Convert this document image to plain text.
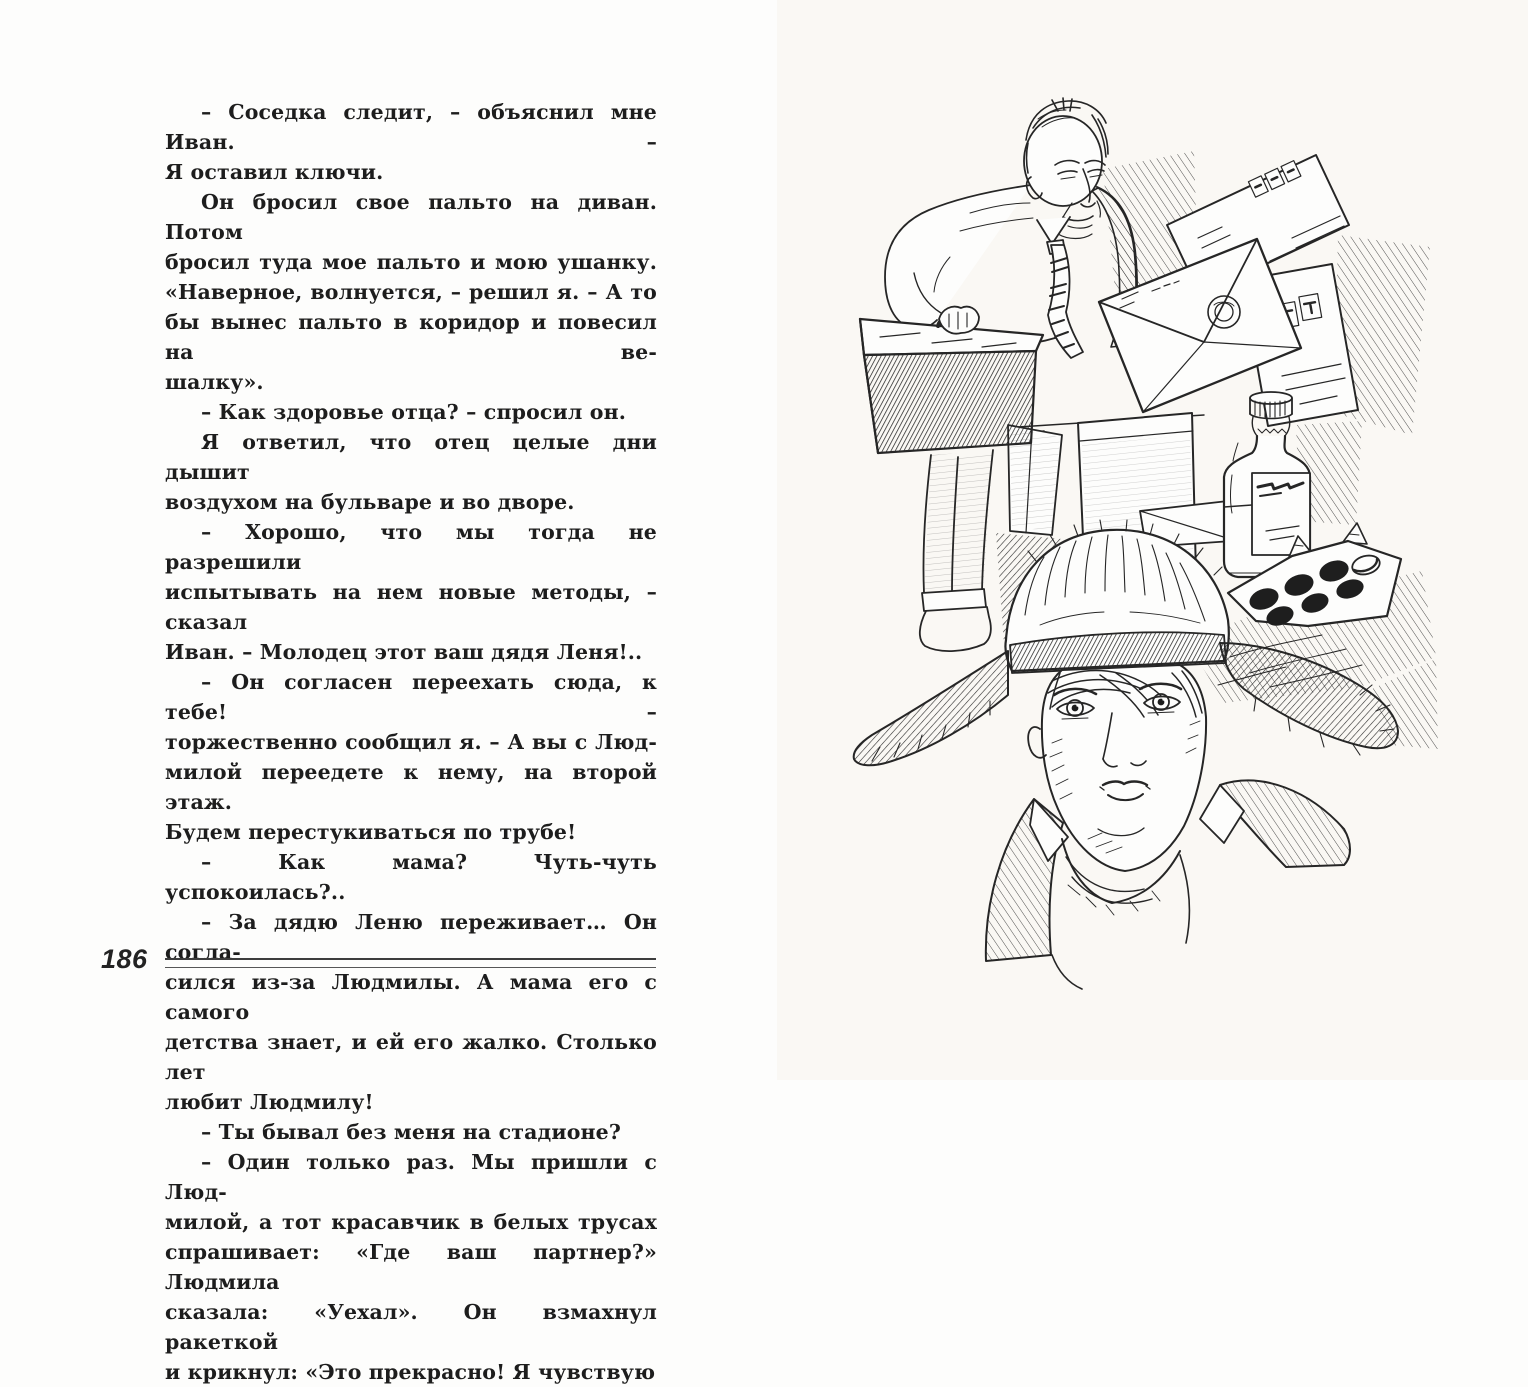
– Соседка следит, – объяснил мне Иван. –
Я оставил ключи.
Он бросил свое пальто на диван. Потом
бросил туда мое пальто и мою ушанку.
«Наверное, волнуется, – решил я. – А то
бы вынес пальто в коридор и повесил на ве-
шалку».
– Как здоровье отца? – спросил он.
Я ответил, что отец целые дни дышит
воздухом на бульваре и во дворе.
– Хорошо, что мы тогда не разрешили
испытывать на нем новые методы, – сказал
Иван. – Молодец этот ваш дядя Леня!..
– Он согласен переехать сюда, к тебе! –
торжественно сообщил я. – А вы с Люд-
милой переедете к нему, на второй этаж.
Будем перестукиваться по трубе!
– Как мама? Чуть-чуть успокоилась?..
– За дядю Леню переживает… Он согла-
сился из-за Людмилы. А мама его с самого
детства знает, и ей его жалко. Столько лет
любит Людмилу!
– Ты бывал без меня на стадионе?
– Один только раз. Мы пришли с Люд-
милой, а тот красавчик в белых трусах
спрашивает: «Где ваш партнер?» Людмила
сказала: «Уехал». Он взмахнул ракеткой
и крикнул: «Это прекрасно! Я чувствую
186
